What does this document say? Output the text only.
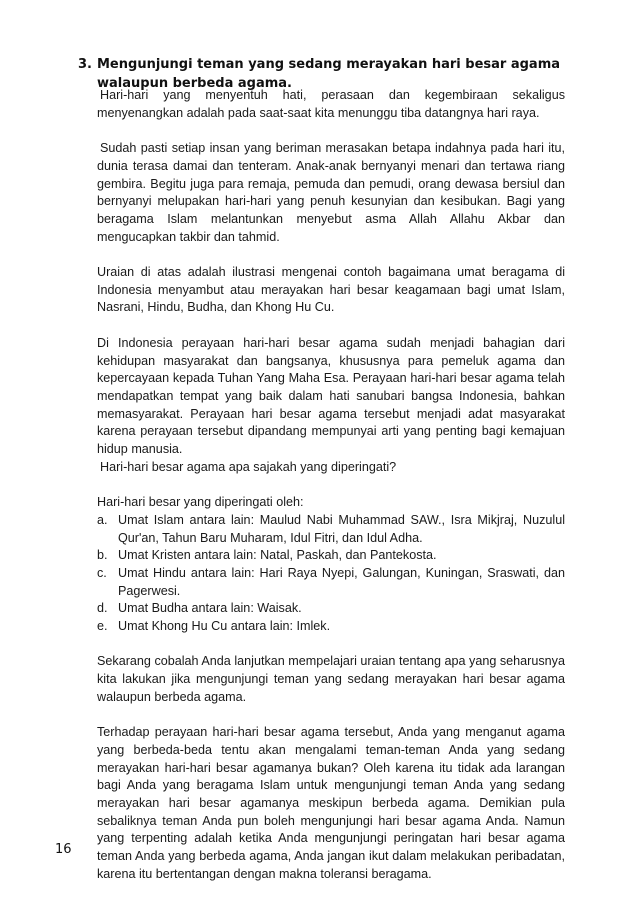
3. Mengunjungi teman yang sedang merayakan hari besar agama walaupun berbeda agama.

Hari-hari yang menyentuh hati, perasaan dan kegembiraan sekaligus menyenangkan adalah pada saat-saat kita menunggu tiba datangnya hari raya.

Sudah pasti setiap insan yang beriman merasakan betapa indahnya pada hari itu, dunia terasa damai dan tenteram. Anak-anak bernyanyi menari dan tertawa riang gembira. Begitu juga para remaja, pemuda dan pemudi, orang dewasa bersiul dan bernyanyi melupakan hari-hari yang penuh kesunyian dan kesibukan. Bagi yang beragama Islam melantunkan menyebut asma Allah Allahu Akbar dan mengucapkan takbir dan tahmid.

Uraian di atas adalah ilustrasi mengenai contoh bagaimana umat beragama di Indonesia menyambut atau merayakan hari besar keagamaan bagi umat Islam, Nasrani, Hindu, Budha, dan Khong Hu Cu.

Di Indonesia perayaan hari-hari besar agama sudah menjadi bahagian dari kehidupan masyarakat dan bangsanya, khususnya para pemeluk agama dan kepercayaan kepada Tuhan Yang Maha Esa. Perayaan hari-hari besar agama telah mendapatkan tempat yang baik dalam hati sanubari bangsa Indonesia, bahkan memasyarakat. Perayaan hari besar agama tersebut menjadi adat masyarakat karena perayaan tersebut dipandang mempunyai arti yang penting bagi kemajuan hidup manusia.

Hari-hari besar agama apa sajakah yang diperingati?

Hari-hari besar yang diperingati oleh:

a. Umat Islam antara lain: Maulud Nabi Muhammad SAW., Isra Mikjraj, Nuzulul Qur'an, Tahun Baru Muharam, Idul Fitri, dan Idul Adha.
b. Umat Kristen antara lain: Natal, Paskah, dan Pantekosta.
c. Umat Hindu antara lain: Hari Raya Nyepi, Galungan, Kuningan, Sraswati, dan Pagerwesi.
d. Umat Budha antara lain: Waisak.
e. Umat Khong Hu Cu antara lain: Imlek.

Sekarang cobalah Anda lanjutkan mempelajari uraian tentang apa yang seharusnya kita lakukan jika mengunjungi teman yang sedang merayakan hari besar agama walaupun berbeda agama.

Terhadap perayaan hari-hari besar agama tersebut, Anda yang menganut agama yang berbeda-beda tentu akan mengalami teman-teman Anda yang sedang merayakan hari-hari besar agamanya bukan? Oleh karena itu tidak ada larangan bagi Anda yang beragama Islam untuk mengunjungi teman Anda yang sedang merayakan hari besar agamanya meskipun berbeda agama. Demikian pula sebaliknya teman Anda pun boleh mengunjungi hari besar agama Anda. Namun yang terpenting adalah ketika Anda mengunjungi peringatan hari besar agama teman Anda yang berbeda agama, Anda jangan ikut dalam melakukan peribadatan, karena itu bertentangan dengan makna toleransi beragama.

16
